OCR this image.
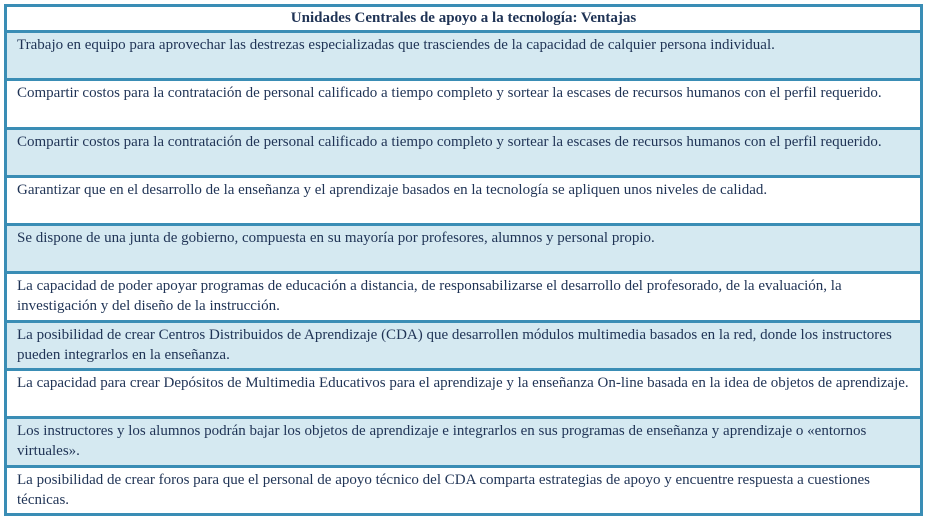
Unidades Centrales de apoyo a la tecnología: Ventajas
Trabajo en equipo para aprovechar las destrezas especializadas que trasciendes de la capacidad de calquier persona individual.
Compartir costos para la contratación de personal calificado a tiempo completo y sortear la escases de recursos humanos con el perfil requerido.
Compartir costos para la contratación de personal calificado a tiempo completo y sortear la escases de recursos humanos con el perfil requerido.
Garantizar que en el desarrollo de la enseñanza y el aprendizaje basados en la tecnología se apliquen unos niveles de calidad.
Se dispone de una junta de gobierno, compuesta en su mayoría por profesores, alumnos y personal propio.
La capacidad de poder apoyar programas de educación a distancia, de responsabilizarse el desarrollo del profesorado, de la evaluación, la investigación y del diseño de la instrucción.
La posibilidad de crear Centros Distribuidos de Aprendizaje (CDA) que desarrollen módulos multimedia basados en la red, donde los instructores pueden integrarlos en la enseñanza.
La capacidad para crear Depósitos de Multimedia Educativos para el aprendizaje y la enseñanza On-line basada en la idea de objetos de aprendizaje.
Los instructores y los alumnos podrán bajar los objetos de aprendizaje e integrarlos en sus programas de enseñanza y aprendizaje o «entornos virtuales».
La posibilidad de crear foros para que el personal de apoyo técnico del CDA comparta estrategias de apoyo y encuentre respuesta a cuestiones técnicas.
